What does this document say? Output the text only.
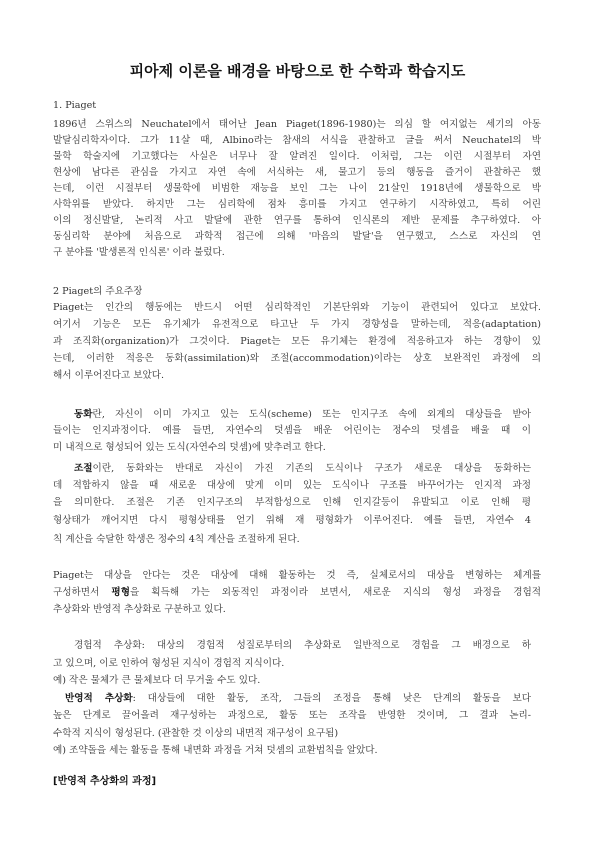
피아제 이론을 배경을 바탕으로 한 수학과 학습지도
1. Piaget
1896년 스위스의 Neuchatel에서 태어난 Jean Piaget(1896-1980)는 의심 할 여지없는 세기의 아동
발달심리학자이다. 그가 11살 때, Albino라는 참새의 서식을 관찰하고 글을 써서 Neuchatel의 박
물학 학술지에 기고했다는 사실은 너무나 잘 알려진 일이다. 이처럼, 그는 이런 시절부터 자연
현상에 남다른 관심을 가지고 자연 속에 서식하는 새, 물고기 등의 행동을 즐거이 관찰하곤 했
는데, 이런 시절부터 생물학에 비범한 재능을 보인 그는 나이 21살인 1918년에 생물학으로 박
사학위를 받았다. 하지만 그는 심리학에 점차 흥미를 가지고 연구하기 시작하였고, 특히 어린
이의 정신발달, 논리적 사고 발달에 관한 연구를 통하여 인식론의 제반 문제를 추구하였다. 아
동심리학 분야에 처음으로 과학적 접근에 의해 '마음의 발달'을 연구했고, 스스로 자신의 연
구 분야를 '발생론적 인식론' 이라 불렀다.
2 Piaget의 주요주장
Piaget는 인간의 행동에는 반드시 어떤 심리학적인 기본단위와 기능이 관련되어 있다고 보았다.
여기서 기능은 모든 유기체가 유전적으로 타고난 두 가지 경향성을 말하는데, 적응(adaptation)
과 조직화(organization)가 그것이다. Piaget는 모든 유기체는 환경에 적응하고자 하는 경향이 있
는데, 이러한 적응은 동화(assimilation)와 조절(accommodation)이라는 상호 보완적인 과정에 의
해서 이루어진다고 보았다.
동화란, 자신이 이미 가지고 있는 도식(scheme) 또는 인지구조 속에 외계의 대상들을 받아
들이는 인지과정이다. 예를 들면, 자연수의 덧셈을 배운 어린이는 정수의 덧셈을 배울 때 이
미 내적으로 형성되어 있는 도식(자연수의 덧셈)에 맞추려고 한다.
조절이란, 동화와는 반대로 자신이 가진 기존의 도식이나 구조가 새로운 대상을 동화하는
데 적합하지 않을 때 새로운 대상에 맞게 이미 있는 도식이나 구조를 바꾸어가는 인지적 과정
을 의미한다. 조절은 기존 인지구조의 부적합성으로 인해 인지갈등이 유발되고 이로 인해 평
형상태가 깨어지면 다시 평형상태를 얻기 위해 재 평형화가 이루어진다. 예를 들면, 자연수 4
칙 계산을 숙달한 학생은 정수의 4칙 계산을 조절하게 된다.
Piaget는 대상을 안다는 것은 대상에 대해 활동하는 것 즉, 실체로서의 대상을 변형하는 체계를
구성하면서 평형을 획득해 가는 외동적인 과정이라 보면서, 새로운 지식의 형성 과정을 경험적
추상화와 반영적 추상화로 구분하고 있다.
경험적 추상화: 대상의 경험적 성질로부터의 추상화로 일반적으로 경험을 그 배경으로 하
고 있으며, 이로 인하여 형성된 지식이 경험적 지식이다.
예) 작은 물체가 큰 물체보다 더 무거울 수도 있다.
반영적 추상화: 대상들에 대한 활동, 조작, 그들의 조정을 통해 낮은 단계의 활동을 보다
높은 단계로 끌어올려 재구성하는 과정으로, 활동 또는 조작을 반영한 것이며, 그 결과 논리-
수학적 지식이 형성된다. (관찰한 것 이상의 내면적 재구성이 요구됨)
예) 조약돌을 세는 활동을 통해 내면화 과정을 거쳐 덧셈의 교환법칙을 알았다.
[반영적 추상화의 과정]
